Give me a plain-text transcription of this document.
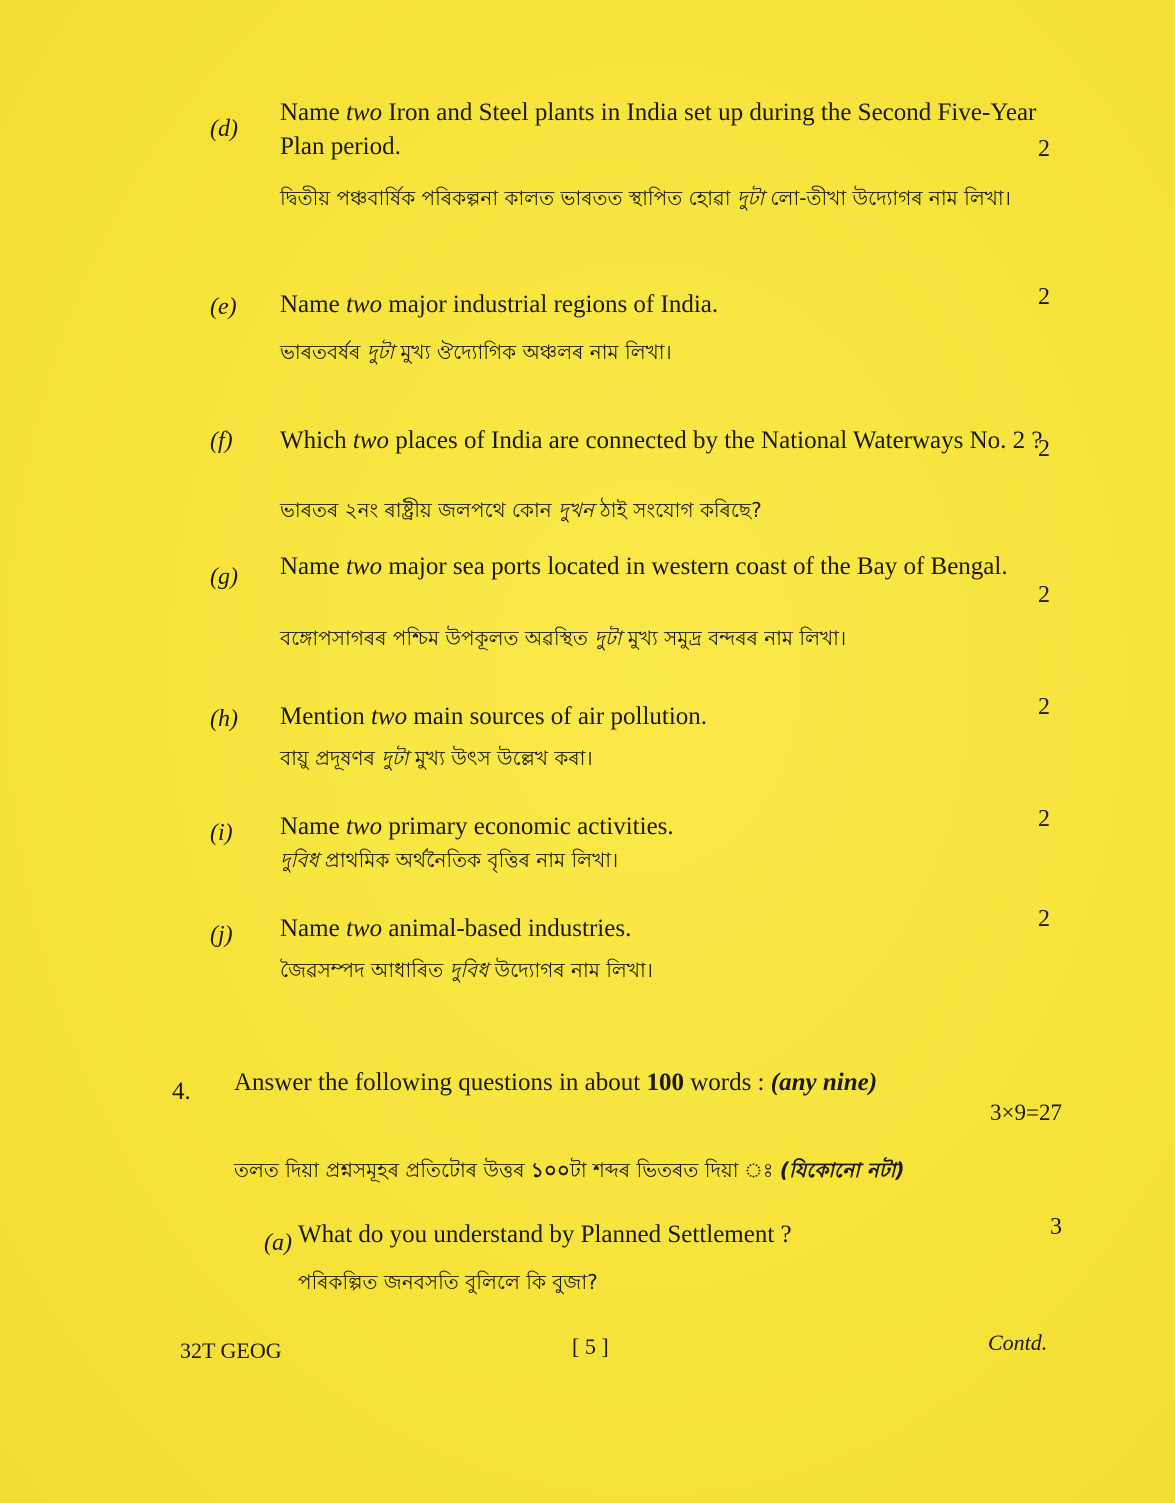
(d)
Name two Iron and Steel plants in India set up during the Second Five-Year Plan period.	2
দ্বিতীয় পঞ্চবাৰ্ষিক পৰিকল্পনা কালত ভাৰতত স্থাপিত হোৱা দুটা লো-তীখা উদ্যোগৰ নাম লিখা।
(e) Name two major industrial regions of India.	2
ভাৰতবৰ্ষৰ দুটা মুখ্য ঔদ্যোগিক অঞ্চলৰ নাম লিখা।
(f) Which two places of India are connected by the National Waterways No. 2 ?
2
ভাৰতৰ ২নং ৰাষ্ট্ৰীয় জলপথে কোন দুখন ঠাই সংযোগ কৰিছে?
(g) Name two major sea ports located in western coast of the Bay of Bengal.
2
বঙ্গোপসাগৰৰ পশ্চিম উপকূলত অৱস্থিত দুটা মুখ্য সমুদ্ৰ বন্দৰৰ নাম লিখা।
(h) Mention two main sources of air pollution.	2
বায়ু প্ৰদূষণৰ দুটা মুখ্য উৎস উল্লেখ কৰা।
(i) Name two primary economic activities.	2
দুবিধ প্ৰাথমিক অৰ্থনৈতিক বৃত্তিৰ নাম লিখা।
(j) Name two animal-based industries.	2
জৈৱসম্পদ আধাৰিত দুবিধ উদ্যোগৰ নাম লিখা।
4. Answer the following questions in about 100 words : (any nine)
3×9=27
তলত দিয়া প্ৰশ্নসমূহৰ প্ৰতিটোৰ উত্তৰ ১০০টা শব্দৰ ভিতৰত দিয়া ঃ (যিকোনো নটা)
(a) What do you understand by Planned Settlement ?	3
পৰিকল্পিত জনবসতি বুলিলে কি বুজা?
32T GEOG	[ 5 ]	Contd.
